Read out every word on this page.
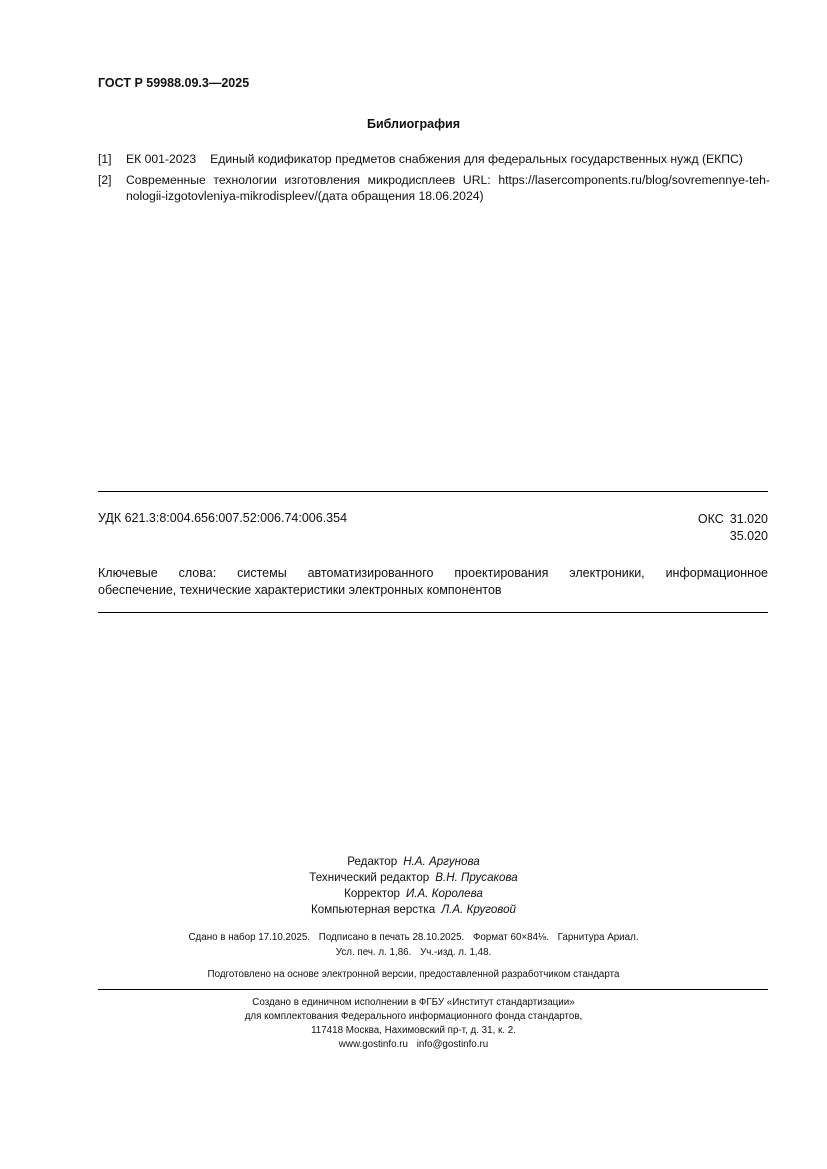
ГОСТ Р 59988.09.3—2025
Библиография
[1] ЕК 001-2023 Единый кодификатор предметов снабжения для федеральных государственных нужд (ЕКПС)
[2] Современные технологии изготовления микродисплеев URL: https://lasercomponents.ru/blog/sovremennye-teh-nologii-izgotovleniya-mikrodispleev/(дата обращения 18.06.2024)
УДК 621.3:8:004.656:007.52:006.74:006.354	ОКС 31.020
35.020
Ключевые слова: системы автоматизированного проектирования электроники, информационное
обеспечение, технические характеристики электронных компонентов
Редактор Н.А. Аргунова
Технический редактор В.Н. Прусакова
Корректор И.А. Королева
Компьютерная верстка Л.А. Круговой
Сдано в набор 17.10.2025. Подписано в печать 28.10.2025. Формат 60×84⅛. Гарнитура Ариал.
Усл. печ. л. 1,86. Уч.-изд. л. 1,48.
Подготовлено на основе электронной версии, предоставленной разработчиком стандарта
Создано в единичном исполнении в ФГБУ «Институт стандартизации»
для комплектования Федерального информационного фонда стандартов,
117418 Москва, Нахимовский пр-т, д. 31, к. 2.
www.gostinfo.ru info@gostinfo.ru
